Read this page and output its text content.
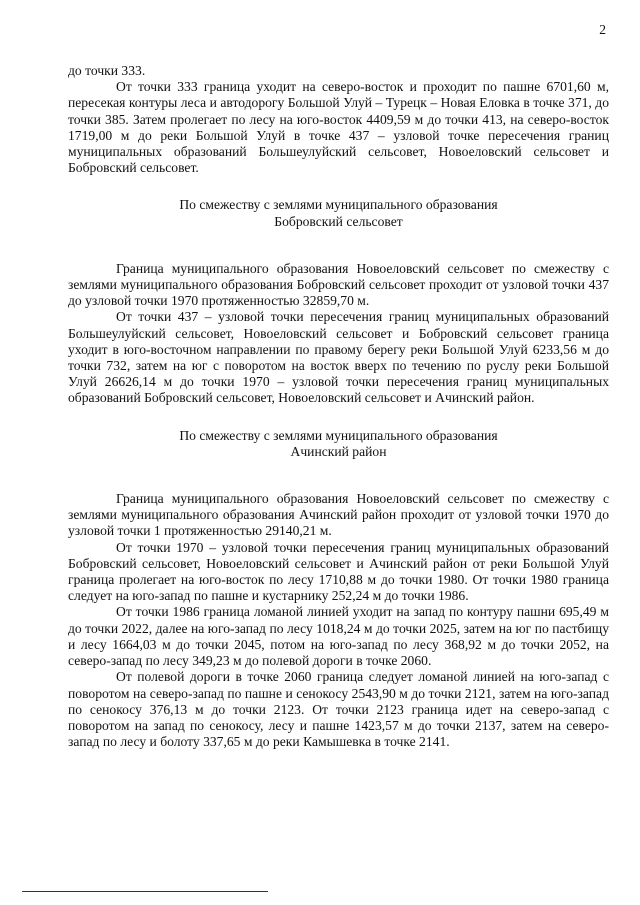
2

до точки 333.

От точки 333 граница уходит на северо-восток и проходит по пашне 6701,60 м, пересекая контуры леса и автодорогу Большой Улуй – Турецк – Новая Еловка в точке 371, до точки 385. Затем пролегает по лесу на юго-восток 4409,59 м до точки 413, на северо-восток 1719,00 м до реки Большой Улуй в точке 437 – узловой точке пересечения границ муниципальных образований Большеулуйский сельсовет, Новоеловский сельсовет и Бобровский сельсовет.

По смежеству с землями муниципального образования

Бобровский сельсовет

Граница муниципального образования Новоеловский сельсовет по смежеству с землями муниципального образования Бобровский сельсовет проходит от узловой точки 437 до узловой точки 1970 протяженностью 32859,70 м.

От точки 437 – узловой точки пересечения границ муниципальных образований Большеулуйский сельсовет, Новоеловский сельсовет и Бобровский сельсовет граница уходит в юго-восточном направлении по правому берегу реки Большой Улуй 6233,56 м до точки 732, затем на юг с поворотом на восток вверх по течению по руслу реки Большой Улуй 26626,14 м до точки 1970 – узловой точки пересечения границ муниципальных образований Бобровский сельсовет, Новоеловский сельсовет и Ачинский район.

По смежеству с землями муниципального образования

Ачинский район

Граница муниципального образования Новоеловский сельсовет по смежеству с землями муниципального образования Ачинский район проходит от узловой точки 1970 до узловой точки 1 протяженностью 29140,21 м.

От точки 1970 – узловой точки пересечения границ муниципальных образований Бобровский сельсовет, Новоеловский сельсовет и Ачинский район от реки Большой Улуй граница пролегает на юго-восток по лесу 1710,88 м до точки 1980. От точки 1980 граница следует на юго-запад по пашне и кустарнику 252,24 м до точки 1986.

От точки 1986 граница ломаной линией уходит на запад по контуру пашни 695,49 м до точки 2022, далее на юго-запад по лесу 1018,24 м до точки 2025, затем на юг по пастбищу и лесу 1664,03 м до точки 2045, потом на юго-запад по лесу 368,92 м до точки 2052, на северо-запад по лесу 349,23 м до полевой дороги в точке 2060.

От полевой дороги в точке 2060 граница следует ломаной линией на юго-запад с поворотом на северо-запад по пашне и сенокосу 2543,90 м до точки 2121, затем на юго-запад по сенокосу 376,13 м до точки 2123. От точки 2123 граница идет на северо-запад с поворотом на запад по сенокосу, лесу и пашне 1423,57 м до точки 2137, затем на северо-запад по лесу и болоту 337,65 м до реки Камышевка в точке 2141.
